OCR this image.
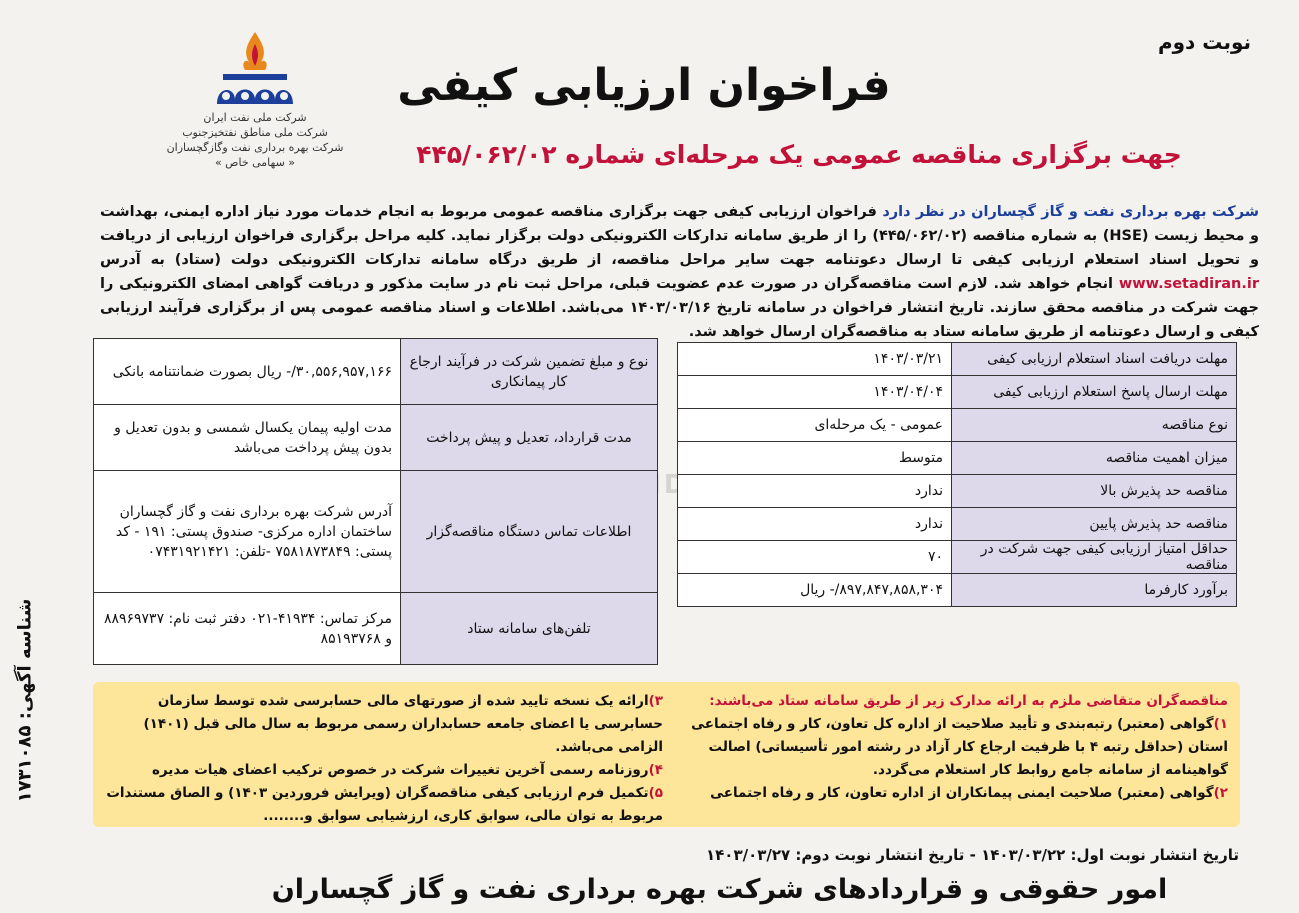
نوبت دوم
فراخوان ارزیابی کیفی
جهت برگزاری مناقصه عمومی یک مرحله‌ای شماره ۴۴۵/۰۶۲/۰۲
شرکت ملی نفت ایران
شرکت ملی مناطق نفتخیزجنوب
شرکت بهره برداری نفت وگازگچساران
« سهامی خاص »
شرکت بهره برداری نفت و گاز گچساران در نظر دارد فراخوان ارزیابی کیفی جهت برگزاری مناقصه عمومی مربوط به انجام خدمات مورد نیاز اداره ایمنی، بهداشت و محیط زیست (HSE) به شماره مناقصه (۴۴۵/۰۶۲/۰۲) را از طریق سامانه تدارکات الکترونیکی دولت برگزار نماید. کلیه مراحل برگزاری فراخوان ارزیابی از دریافت و تحویل اسناد استعلام ارزیابی کیفی تا ارسال دعوتنامه جهت سایر مراحل مناقصه، از طریق درگاه سامانه تدارکات الکترونیکی دولت (ستاد) به آدرس www.setadiran.ir انجام خواهد شد. لازم است مناقصه‌گران در صورت عدم عضویت قبلی، مراحل ثبت نام در سایت مذکور و دریافت گواهی امضای الکترونیکی را جهت شرکت در مناقصه محقق سازند. تاریخ انتشار فراخوان در سامانه تاریخ ۱۴۰۳/۰۳/۱۶ می‌باشد. اطلاعات و اسناد مناقصه عمومی پس از برگزاری فرآیند ارزیابی کیفی و ارسال دعوتنامه از طریق سامانه ستاد به مناقصه‌گران ارسال خواهد شد.
مهلت دریافت اسناد استعلام ارزیابی کیفی	۱۴۰۳/۰۳/۲۱
مهلت ارسال پاسخ استعلام ارزیابی کیفی	۱۴۰۳/۰۴/۰۴
نوع مناقصه	عمومی - یک مرحله‌ای
میزان اهمیت مناقصه	متوسط
مناقصه حد پذیرش بالا	ندارد
مناقصه حد پذیرش پایین	ندارد
حداقل امتیاز ارزیابی کیفی جهت شرکت در مناقصه	۷۰
برآورد کارفرما	۸۹۷,۸۴۷,۸۵۸,۳۰۴/- ریال
نوع و مبلغ تضمین شرکت در فرآیند ارجاع کار پیمانکاری	۳۰,۵۵۶,۹۵۷,۱۶۶/- ریال بصورت ضمانتنامه بانکی
مدت قرارداد، تعدیل و پیش پرداخت	مدت اولیه پیمان یکسال شمسی و بدون تعدیل و بدون پیش پرداخت می‌باشد
اطلاعات تماس دستگاه مناقصه‌گزار	آدرس شرکت بهره برداری نفت و گاز گچساران ساختمان اداره مرکزی- صندوق پستی: ۱۹۱ - کد پستی: ۷۵۸۱۸۷۳۸۴۹ -تلفن: ۰۷۴۳۱۹۲۱۴۲۱
تلفن‌های سامانه ستاد	مرکز تماس: ۴۱۹۳۴-۰۲۱ دفتر ثبت نام: ۸۸۹۶۹۷۳۷ و ۸۵۱۹۳۷۶۸
مناقصه‌گران متقاضی ملزم به ارائه مدارک زیر از طریق سامانه ستاد می‌باشند:
۱)گواهی (معتبر) رتبه‌بندی و تأیید صلاحیت از اداره کل تعاون، کار و رفاه اجتماعی استان (حداقل رتبه ۴ با ظرفیت ارجاع کار آزاد در رشته امور تأسیساتی) اصالت گواهینامه از سامانه جامع روابط کار استعلام می‌گردد.
۲)گواهی (معتبر) صلاحیت ایمنی پیمانکاران از اداره تعاون، کار و رفاه اجتماعی
۳)ارائه یک نسخه تایید شده از صورتهای مالی حسابرسی شده توسط سازمان حسابرسی یا اعضای جامعه حسابداران رسمی مربوط به سال مالی قبل (۱۴۰۱) الزامی می‌باشد.
۴)روزنامه رسمی آخرین تغییرات شرکت در خصوص ترکیب اعضای هیات مدیره
۵)تکمیل فرم ارزیابی کیفی مناقصه‌گران (ویرایش فروردین ۱۴۰۳) و الصاق مستندات مربوط به توان مالی، سوابق کاری، ارزشیابی سوابق و........
تاریخ انتشار نوبت اول: ۱۴۰۳/۰۳/۲۲ - تاریخ انتشار نوبت دوم: ۱۴۰۳/۰۳/۲۷
امور حقوقی و قراردادهای شرکت بهره برداری نفت و گاز گچساران
شناسه آگهی: ۱۷۳۱۰۸۵
